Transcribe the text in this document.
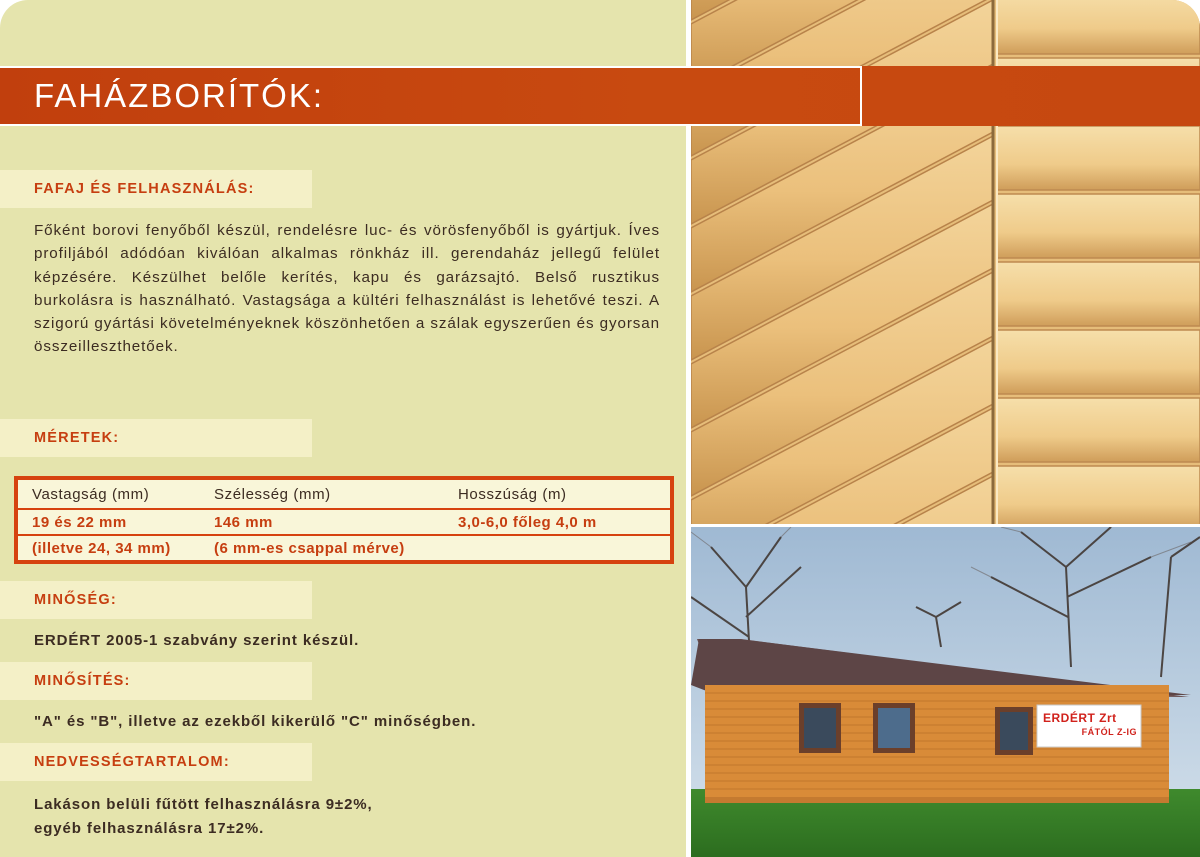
ERDÉRT Zrt
FÁTÓL Z-IG
FAHÁZBORÍTÓK:
FAFAJ ÉS FELHASZNÁLÁS:

Főként borovi fenyőből készül, rendelésre luc- és vörösfenyőből is gyártjuk. Íves profiljából adódóan kiválóan alkalmas rönkház ill. gerendaház jellegű felület képzésére. Készülhet belőle kerítés, kapu és garázsajtó. Belső rusztikus burkolásra is használható. Vastagsága a kültéri felhasználást is lehetővé teszi. A szigorú gyártási követelményeknek köszönhetően a szálak egyszerűen és gyorsan összeilleszthetőek.

MÉRETEK:
Vastagság (mm)	Szélesség (mm)	Hosszúság (m)
19 és 22 mm	146 mm	3,0-6,0 főleg 4,0 m
(illetve 24, 34 mm)	(6 mm-es csappal mérve)
MINŐSÉG:
ERDÉRT 2005-1 szabvány szerint készül.
MINŐSÍTÉS:
"A" és "B", illetve az ezekből kikerülő "C" minőségben.
NEDVESSÉGTARTALOM:
Lakáson belüli fűtött felhasználásra 9±2%,
egyéb felhasználásra 17±2%.
